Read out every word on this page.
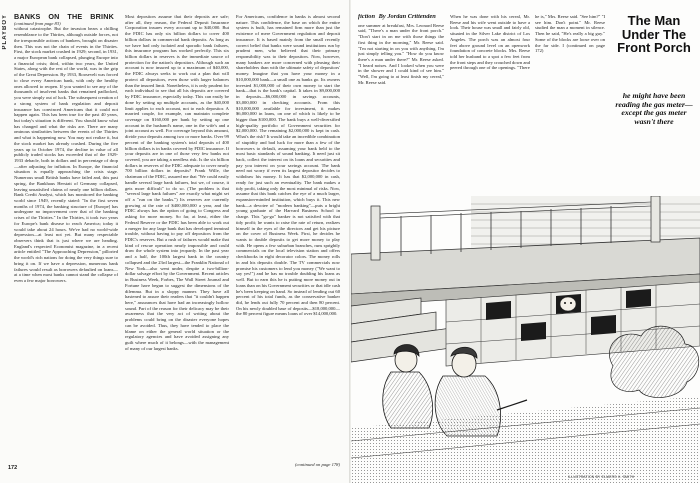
PLAYBOY BANKS ON THE BRINK (continued from page 83)

without catastrophe. But the invasion bears a chilling resemblance to the Thirties, although outside forces, not the irresponsible actions of bankers, brought on disaster then. This was not the chain of events in the Thirties. First, the stock market crashed in 1929; second, in 1931, a major European bank collapsed, plunging Europe into a financial crisis; third, within two years, the United States, along with the rest of the world, was in the grip of the Great Depression. By 1933, Roosevelt was forced to close every American bank, with only the healthy ones allowed to reopen. If you wanted to see any of the thousands of insolvent banks that remained padlocked, you were simply out of luck. The subsequent creation of a strong system of bank regulation and deposit insurance has convinced Americans that it could not happen again. This has been true for the past 40 years, but today's situation is different. You should know what has changed and what the risks are. There are many ominous similarities between the events of the Thirties and what is happening now. You may not realize it, but the stock market has already crashed. During the five years up to October 1974, the decline in value of all publicly traded stocks has exceeded that of the 1929-1933 debacle, both in dollars and in percentage of drop—after adjusting for inflation. In Europe, the financial situation is equally approaching the crisis stage. Numerous small British banks have failed and, this past spring, the Bankhaus Herstatt of Germany collapsed, leaving unsatisfied claims of nearly one billion dollars. Bank Credit Analyst, which has monitored the banking world since 1949, recently stated: "In the first seven months of 1974, the banking structure of [Europe] has undergone no improvement over that of the banking crises of the Thirties." In the Thirties, it took two years for Europe's bank disease to reach America; today it would take about 24 hours. We've had no world-wide depression—at least not yet. But many respectable observers think that is just where we are heading. England's respected Economist magazine, in a recent article entitled "The Approaching Depression," pilloried the world's rich nations for doing the very things sure to bring it on. If we have a depression, numerous bank failures would result as borrowers defaulted on loans—at a time when most banks cannot stand the collapse of even a few major borrowers.

Most depositors assume that their deposits are safe; after all, they reason, the Federal Deposit Insurance Corporation insures every account up to $40,000. But the FDIC has only six billion dollars to cover 400 billion dollars in commercial bank deposits. As long as we have had only isolated and sporadic bank failures, this insurance program has worked perfectly. This six billion dollars in reserves is the immediate source of protection for the nation's depositors. Although such an account is now insured up to a maximum of $40,000, the FDIC always seeks to work out a plan that will protect all depositors, even those with larger balances than the insured limit. Nonetheless, it is only prudent for each individual to see that all his deposits are covered by FDIC insurance, especially today. This can easily be done by setting up multiple accounts, as the $40,000 limit applies to each account, not to each depositor. A married couple, for example, can maintain complete coverage on $160,000 per bank by setting up one account in the husband's name, one in the wife's and a joint account as well. For coverage beyond this amount, divide your deposits among two or more banks. Over 99 percent of the banking system's total deposits of 400 billion dollars is in banks covered by FDIC insurance. If your deposits are in one of those very few banks not covered, you are taking a needless risk. Is the six billion dollars in reserves of the FDIC adequate to cover nearly 700 billion dollars in deposits? Frank Wille, the chairman of the FDIC, assured me that "We could easily handle several large bank failures, but we, of course, it gets more difficult" to do so. (The problem is that "several large bank failures" are exactly what might set off a "run on the banks.") Its reserves are currently growing at the rate of $400,000,000 a year, and the FDIC always has the option of going to Congress and asking for more money. So far, at least, either the Federal Reserve or the FDIC has been able to work out a merger for any large bank that has developed terminal trouble, without having to pay off depositors from the FDIC's reserves. But a rush of failures would make that kind of rescue operation nearly impossible and could draw the whole system into jeopardy. In the past year and a half, the 100th largest bank in the country collapsed and the 23rd largest—the Franklin National of New York—also went under, despite a two-billion-dollar salvage effort by the Government. Recent articles in Business Week, Forbes, The Wall Street Journal and Fortune have begun to suggest the dimensions of the dilemma. But in a sloppy manner. They have all hastened to assure their readers that "it couldn't happen here," assurances that have had an increasingly hollow sound. Part of the reason for their delicacy may be their awareness that the very act of writing about the problems could bring on the disaster everyone hopes can be avoided. Thus, they have tended to place the blame on either the general world situation or the regulatory agencies and have avoided assigning any guilt where much of it belongs—with the management of many of our largest banks.

For Americans, confidence in banks is almost second nature. This confidence, the base on which the entire system is built, has remained firm more than just the existence of mere Government regulation and deposit insurance. It is based mainly from the small recently correct belief that banks were sound institutions run by prudent men, who believed that their primary responsibility was to their depositors. Now, however, many bankers are more concerned with pleasing their shareholders than with the ultimate safety of depositors' money. Imagine that you have your money in a $10,000,000 bank—a small one as banks go. Its owners invested $1,000,000 of their own money to start the bank—that is the bank's capital. It takes in $9,000,000 in deposits—$6,000,000 in savings accounts, $3,000,000 in checking accounts. From this $10,000,000 available for investment, it makes $6,000,000 in loans, on one of which is likely to be bigger than $100,000. The bank buys a well-diversified high-quality portfolio of Government securities for $2,000,000. The remaining $2,000,000 is kept in cash. What's the risk? It would take an incredible combination of stupidity and bad luck for more than a few of the borrowers to default, assuming your bank held to the most basic standards of sound banking. It need just sit back, collect the interest on its loans and securities and pay you interest on your savings account. The bank need not worry if even its largest depositor decides to withdraw his money. It has that $2,000,000 in cash, ready for just such an eventuality. The bank makes a tidy profit, taking only the most minimal of risks. Now, assume that this bank catches the eye of a much larger, expansion-minded institution, which buys it. This new bank—a devotee of "modern banking"—puts a bright young graduate of the Harvard Business School in charge. This "go-go" banker is not satisfied with that tidy profit; he wants to raise the rate of return, realizes himself in the eyes of the directors and get his picture on the cover of Business Week. First, he decides he wants to double deposits to get more money to play with. He opens a few suburban branches, runs sprightly commercials on the local television station and offers checkbooks in eight decorator colors. The money rolls in and his deposits double. The TV commercials now promise his customers to lend you money ("We want to say yes!") and he has no trouble doubling his loans as well. But to earn this he is putting more money out in loans than on his Government securities or that idle cash he's been keeping on hand. So instead of lending out 60 percent of his total funds, as the conservative banker did, he lends out fully 70 percent and then 80 percent. On his newly doubled base of deposits—$18,000,000—the 80 percent figure means loans of over $14,000,000.

(continued on page 178)
172

fiction By Jordan Crittenden

one summer at breakfast, Mrs. Leonard Reese said, "There's a man under the front porch." "Don't start in on me with those things the first thing in the morning," Mr. Reese said. "I'm not starting in on you with anything. I'm just simply telling you." "How do you know there's a man under there?" Mr. Reese asked. "I heard noises. And I looked when you were in the shower and I could kind of see him." "Well, I'm going to at least finish my cereal," Mr. Reese said.

When he was done with his cereal, Mr. Reese and his wife went outside to have a look. Their house was small and fairly old, situated in the Silver Lake district of Los Angeles. The porch was an almost four feet above ground level on an openwork foundation of concrete blocks. Mrs. Reese told her husband to a spot a few feet from the front steps and they crouched down and peered through one of the openings. "There

he is," Mrs. Reese said. "See him?" "I see him. Don't point." Mr. Reese studied the man a moment in silence. Then he said, "He's really a big guy." Some of the blocks are loose over on the far side. I (continued on page 172)

The Man Under The Front Porch

he might have been reading the gas meter—except the gas meter wasn't there
ILLUSTRATION BY ELMERS H. SMITH
